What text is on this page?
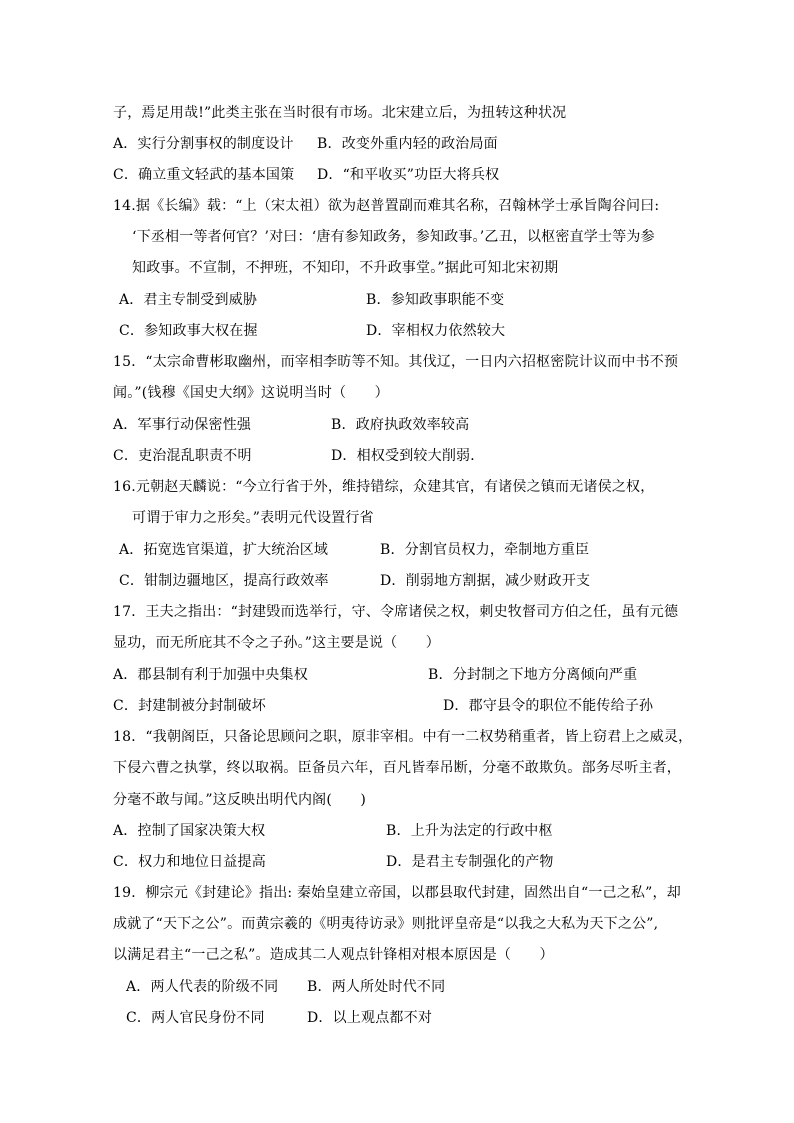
子，焉足用哉!”此类主张在当时很有市场。北宋建立后，为扭转这种状况
A．实行分割事权的制度设计 B．改变外重内轻的政治局面
C．确立重文轻武的基本国策 D．“和平收买”功臣大将兵权
14.据《长编》载：“上（宋太祖）欲为赵普置副而难其名称，召翰林学士承旨陶谷问曰:
‘下丞相一等者何官？’对曰：‘唐有参知政务，参知政事。’乙丑，以枢密直学士等为参
知政事。不宣制，不押班，不知印，不升政事堂。”据此可知北宋初期
A．君主专制受到威胁	B．参知政事职能不变
C．参知政事大权在握	D．宰相权力依然较大
15．“太宗命曹彬取幽州，而宰相李昉等不知。其伐辽，一日内六招枢密院计议而中书不预
闻。”(钱穆《国史大纲》这说明当时（　　）
A．军事行动保密性强	B．政府执政效率较高
C．吏治混乱职责不明	D．相权受到较大削弱．
16.元朝赵天麟说：“今立行省于外，维持错综，众建其官，有诸侯之镇而无诸侯之权，
可谓于审力之形矣。”表明元代设置行省
A．拓宽选官渠道，扩大统治区域	B．分割官员权力，牵制地方重臣
C．钳制边疆地区，提高行政效率	D．削弱地方割据，减少财政开支
17．王夫之指出：“封建毁而选举行，守、令席诸侯之权，刺史牧督司方伯之任，虽有元德
显功，而无所庇其不令之子孙。”这主要是说（　　）
A．郡县制有利于加强中央集权	B．分封制之下地方分离倾向严重
C．封建制被分封制破坏	D．郡守县令的职位不能传给子孙
18．“我朝阁臣，只备论思顾问之职，原非宰相。中有一二权势稍重者，皆上窃君上之威灵，
下侵六曹之执掌，终以取祸。臣备员六年，百凡皆奉吊断，分毫不敢欺负。部务尽听主者，
分毫不敢与闻。”这反映出明代内阁(　　)
A．控制了国家决策大权	B．上升为法定的行政中枢
C．权力和地位日益提高	D．是君主专制强化的产物
19．柳宗元《封建论》指出: 秦始皇建立帝国，以郡县取代封建，固然出自“一己之私”，却
成就了“天下之公”。而黄宗羲的《明夷待访录》则批评皇帝是“以我之大私为天下之公”,
以满足君主“一己之私”。造成其二人观点针锋相对根本原因是（　　）
A．两人代表的阶级不同 B．两人所处时代不同
C．两人官民身份不同	D．以上观点都不对
